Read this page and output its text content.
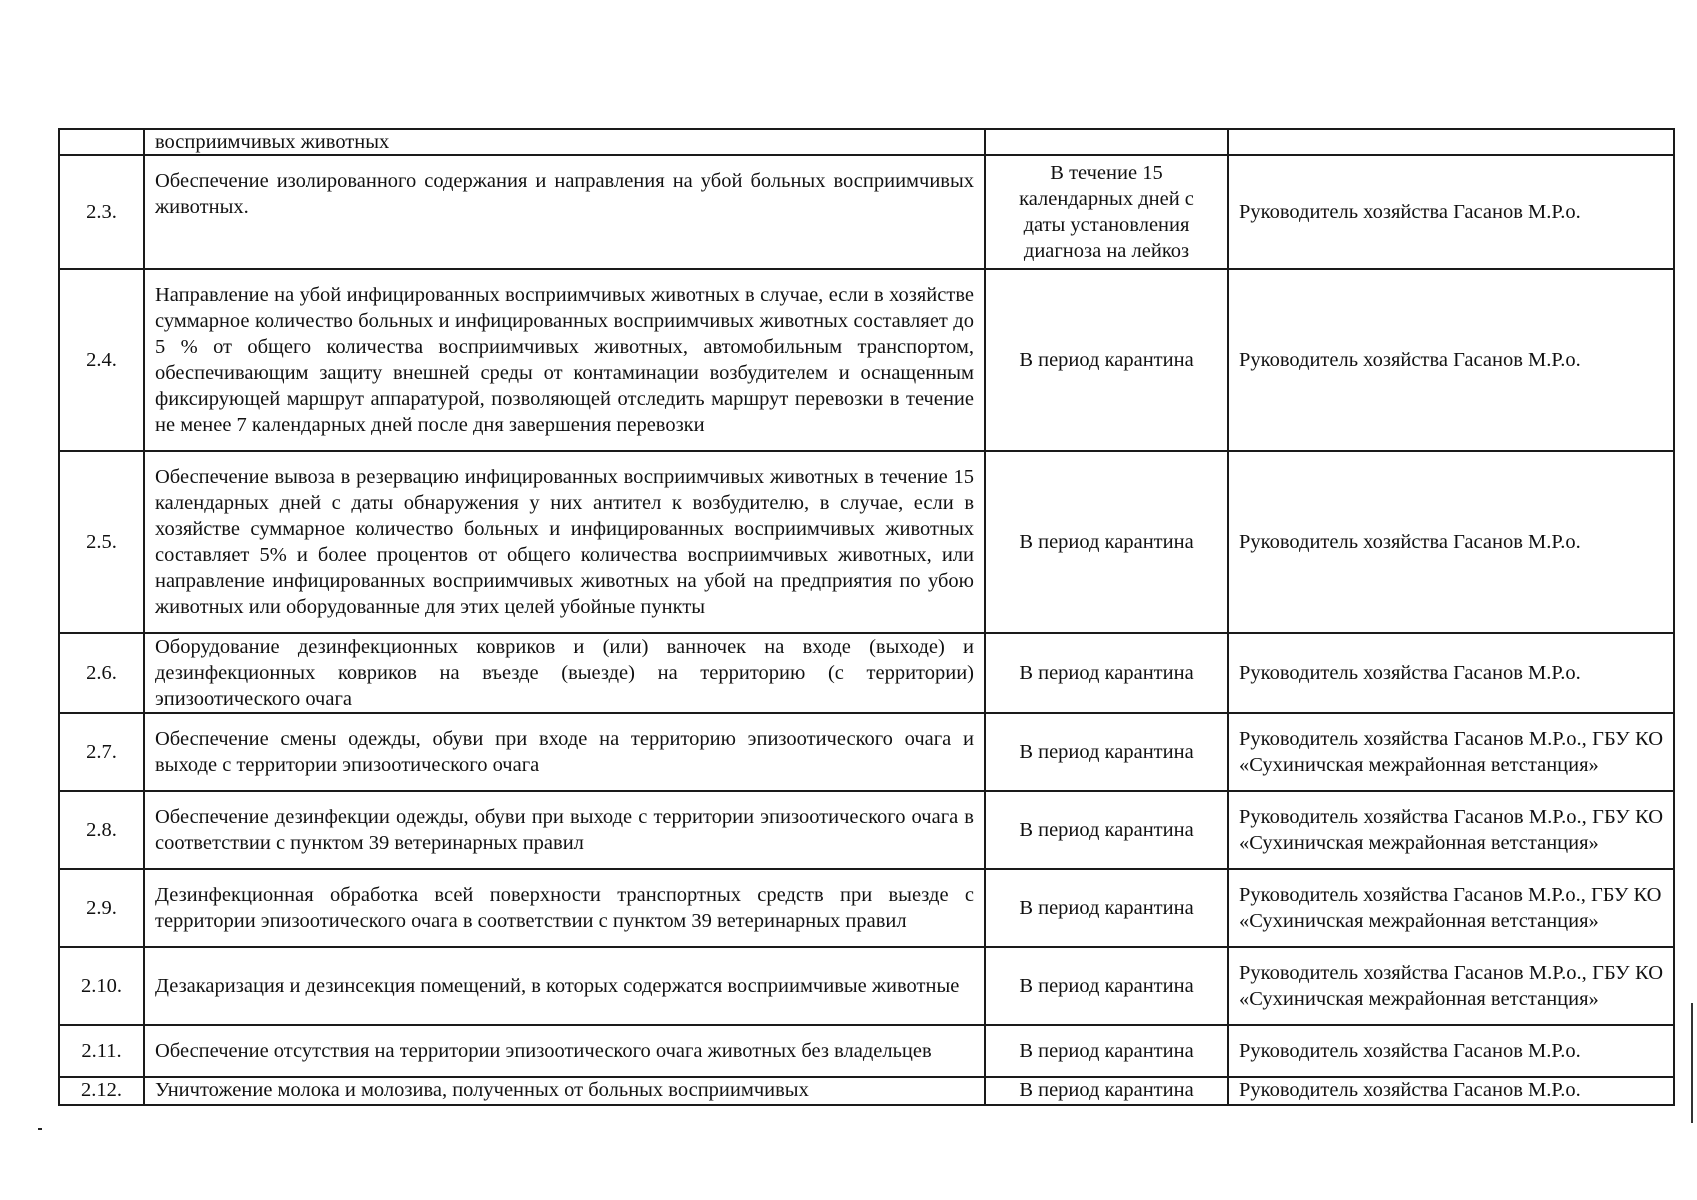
	восприимчивых животных		
2.3.	Обеспечение изолированного содержания и направления на убой больных восприимчивых животных.	В течение 15 календарных дней с даты установления диагноза на лейкоз	Руководитель хозяйства Гасанов М.Р.о.
2.4.	Направление на убой инфицированных восприимчивых животных в случае, если в хозяйстве суммарное количество больных и инфицированных восприимчивых животных составляет до 5 % от общего количества восприимчивых животных, автомобильным транспортом, обеспечивающим защиту внешней среды от контаминации возбудителем и оснащенным фиксирующей маршрут аппаратурой, позволяющей отследить маршрут перевозки в течение не менее 7 календарных дней после дня завершения перевозки	В период карантина	Руководитель хозяйства Гасанов М.Р.о.
2.5.	Обеспечение вывоза в резервацию инфицированных восприимчивых животных в течение 15 календарных дней с даты обнаружения у них антител к возбудителю, в случае, если в хозяйстве суммарное количество больных и инфицированных восприимчивых животных составляет 5% и более процентов от общего количества восприимчивых животных, или направление инфицированных восприимчивых животных на убой на предприятия по убою животных или оборудованные для этих целей убойные пункты	В период карантина	Руководитель хозяйства Гасанов М.Р.о.
2.6.	Оборудование дезинфекционных ковриков и (или) ванночек на входе (выходе) и дезинфекционных ковриков на въезде (выезде) на территорию (с территории) эпизоотического очага	В период карантина	Руководитель хозяйства Гасанов М.Р.о.
2.7.	Обеспечение смены одежды, обуви при входе на территорию эпизоотического очага и выходе с территории эпизоотического очага	В период карантина	Руководитель хозяйства Гасанов М.Р.о., ГБУ КО «Сухиничская межрайонная ветстанция»
2.8.	Обеспечение дезинфекции одежды, обуви при выходе с территории эпизоотического очага в соответствии с пунктом 39 ветеринарных правил	В период карантина	Руководитель хозяйства Гасанов М.Р.о., ГБУ КО «Сухиничская межрайонная ветстанция»
2.9.	Дезинфекционная обработка всей поверхности транспортных средств при выезде с территории эпизоотического очага в соответствии с пунктом 39 ветеринарных правил	В период карантина	Руководитель хозяйства Гасанов М.Р.о., ГБУ КО «Сухиничская межрайонная ветстанция»
2.10.	Дезакаризация и дезинсекция помещений, в которых содержатся восприимчивые животные	В период карантина	Руководитель хозяйства Гасанов М.Р.о., ГБУ КО «Сухиничская межрайонная ветстанция»
2.11.	Обеспечение отсутствия на территории эпизоотического очага животных без владельцев	В период карантина	Руководитель хозяйства Гасанов М.Р.о.
2.12.	Уничтожение молока и молозива, полученных от больных восприимчивых	В период карантина	Руководитель хозяйства Гасанов М.Р.о.
